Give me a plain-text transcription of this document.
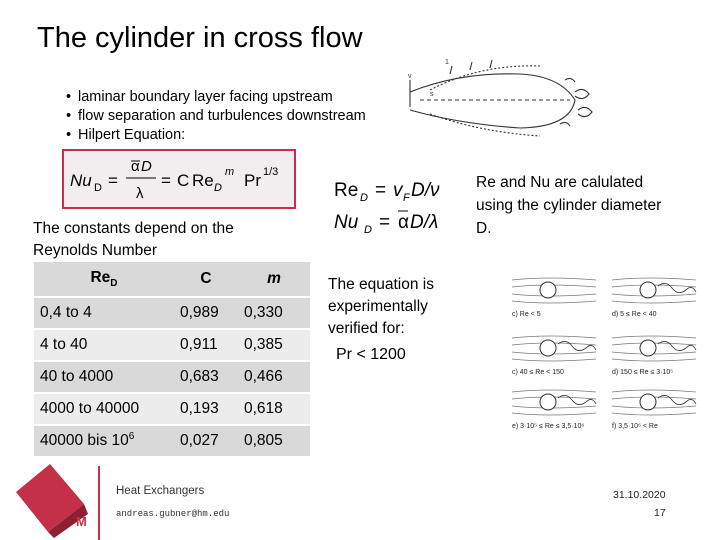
The cylinder in cross flow
v
s
1
• laminar boundary layer facing upstream
• flow separation and turbulences downstream
• Hilpert Equation:
Nu D =
α D
λ
= C Re D
m Pr 1/3
Re D = v F D/ν
Nu D = α D/λ
Re and Nu are calulated using the cylinder diameter D.
The constants depend on the Reynolds Number
$Re_D$	C	m
0,4 to 4	0,989	0,330
4 to 40	0,911	0,385
40 to 4000	0,683	0,466
4000 to 40000	0,193	0,618
40000 bis $10^6$	0,027	0,805
The equation is experimentally verified for:
Pr < 1200
c) Re < 5	d) 5 ≤ Re < 40
c) 40 ≤ Re < 150	d) 150 ≤ Re ≤ 3·10⁵
e) 3·10⁵ ≤ Re ≤ 3,5·10⁶	f) 3,5·10⁶ < Re
M
Heat Exchangers
andreas.gubner@hm.edu
31.10.2020
17
